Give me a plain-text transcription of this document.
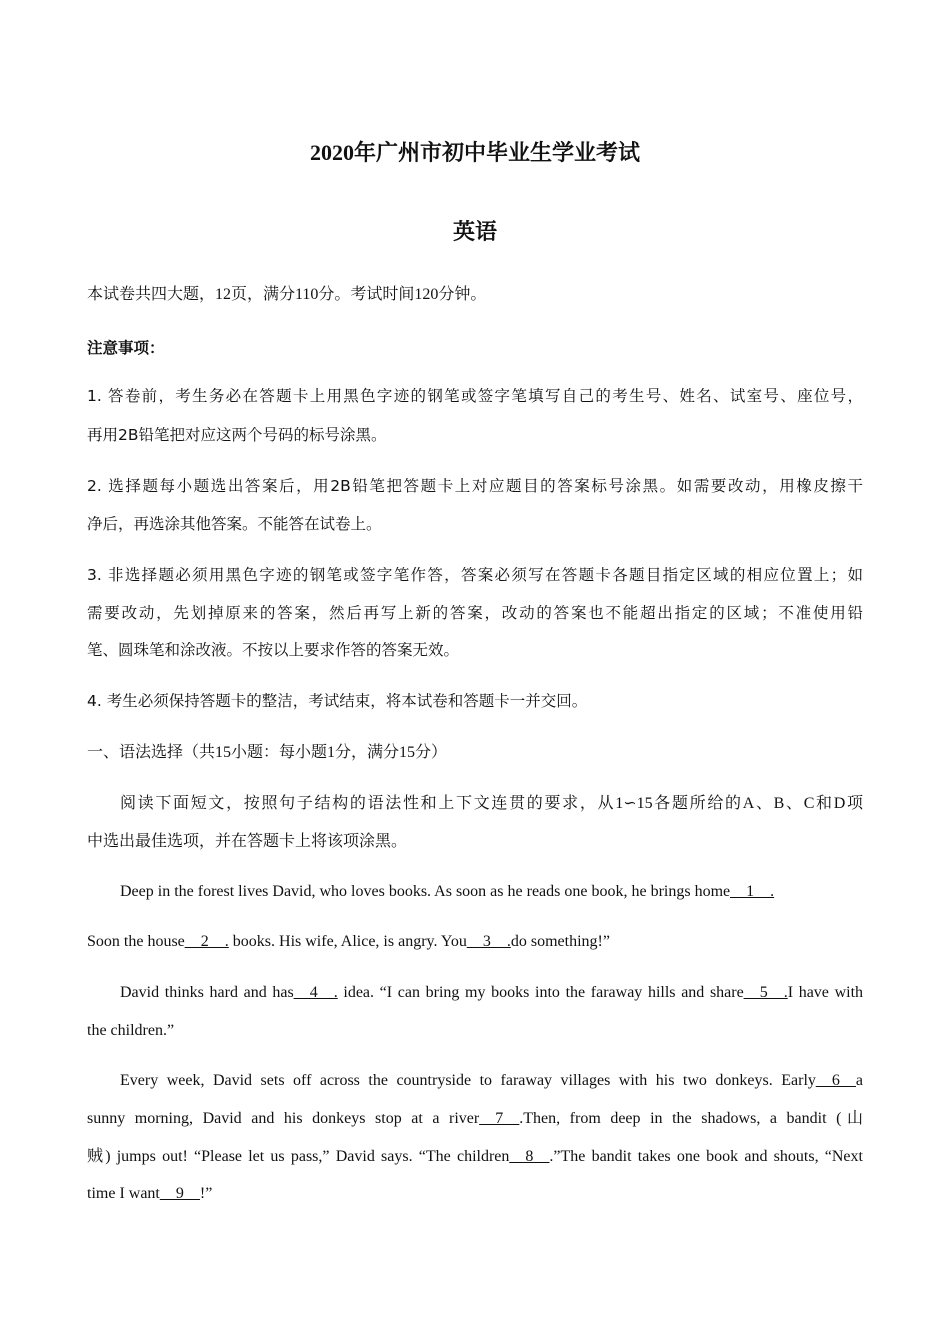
2020年广州市初中毕业生学业考试
英语
本试卷共四大题，12页，满分110分。考试时间120分钟。
注意事项：
1. 答卷前，考生务必在答题卡上用黑色字迹的钢笔或签字笔填写自己的考生号、姓名、试室号、座位号，
再用2B铅笔把对应这两个号码的标号涂黑。
2. 选择题每小题选出答案后，用2B铅笔把答题卡上对应题目的答案标号涂黑。如需要改动，用橡皮擦干
净后，再选涂其他答案。不能答在试卷上。
3. 非选择题必须用黑色字迹的钢笔或签字笔作答，答案必须写在答题卡各题目指定区域的相应位置上；如
需要改动，先划掉原来的答案，然后再写上新的答案，改动的答案也不能超出指定的区域；不准使用铅
笔、圆珠笔和涂改液。不按以上要求作答的答案无效。
4. 考生必须保持答题卡的整洁，考试结束，将本试卷和答题卡一并交回。
一、语法选择（共15小题：每小题1分，满分15分）
阅读下面短文，按照句子结构的语法性和上下文连贯的要求，从1∽15各题所给的A、B、C和D项
中选出最佳选项，并在答题卡上将该项涂黑。
Deep in the forest lives David, who loves books. As soon as he reads one book, he brings home__1__.
Soon the house__2__. books. His wife, Alice, is angry. You__3__.do something!”
David thinks hard and has__4__. idea. “I can bring my books into the faraway hills and share__5__.I have with
the children.”
Every week, David sets off across the countryside to faraway villages with his two donkeys. Early__6__a
sunny morning, David and his donkeys stop at a river__7__.Then, from deep in the shadows, a bandit (山
贼) jumps out! “Please let us pass,” David says. “The children__8__.”The bandit takes one book and shouts, “Next
time I want__9__!”
